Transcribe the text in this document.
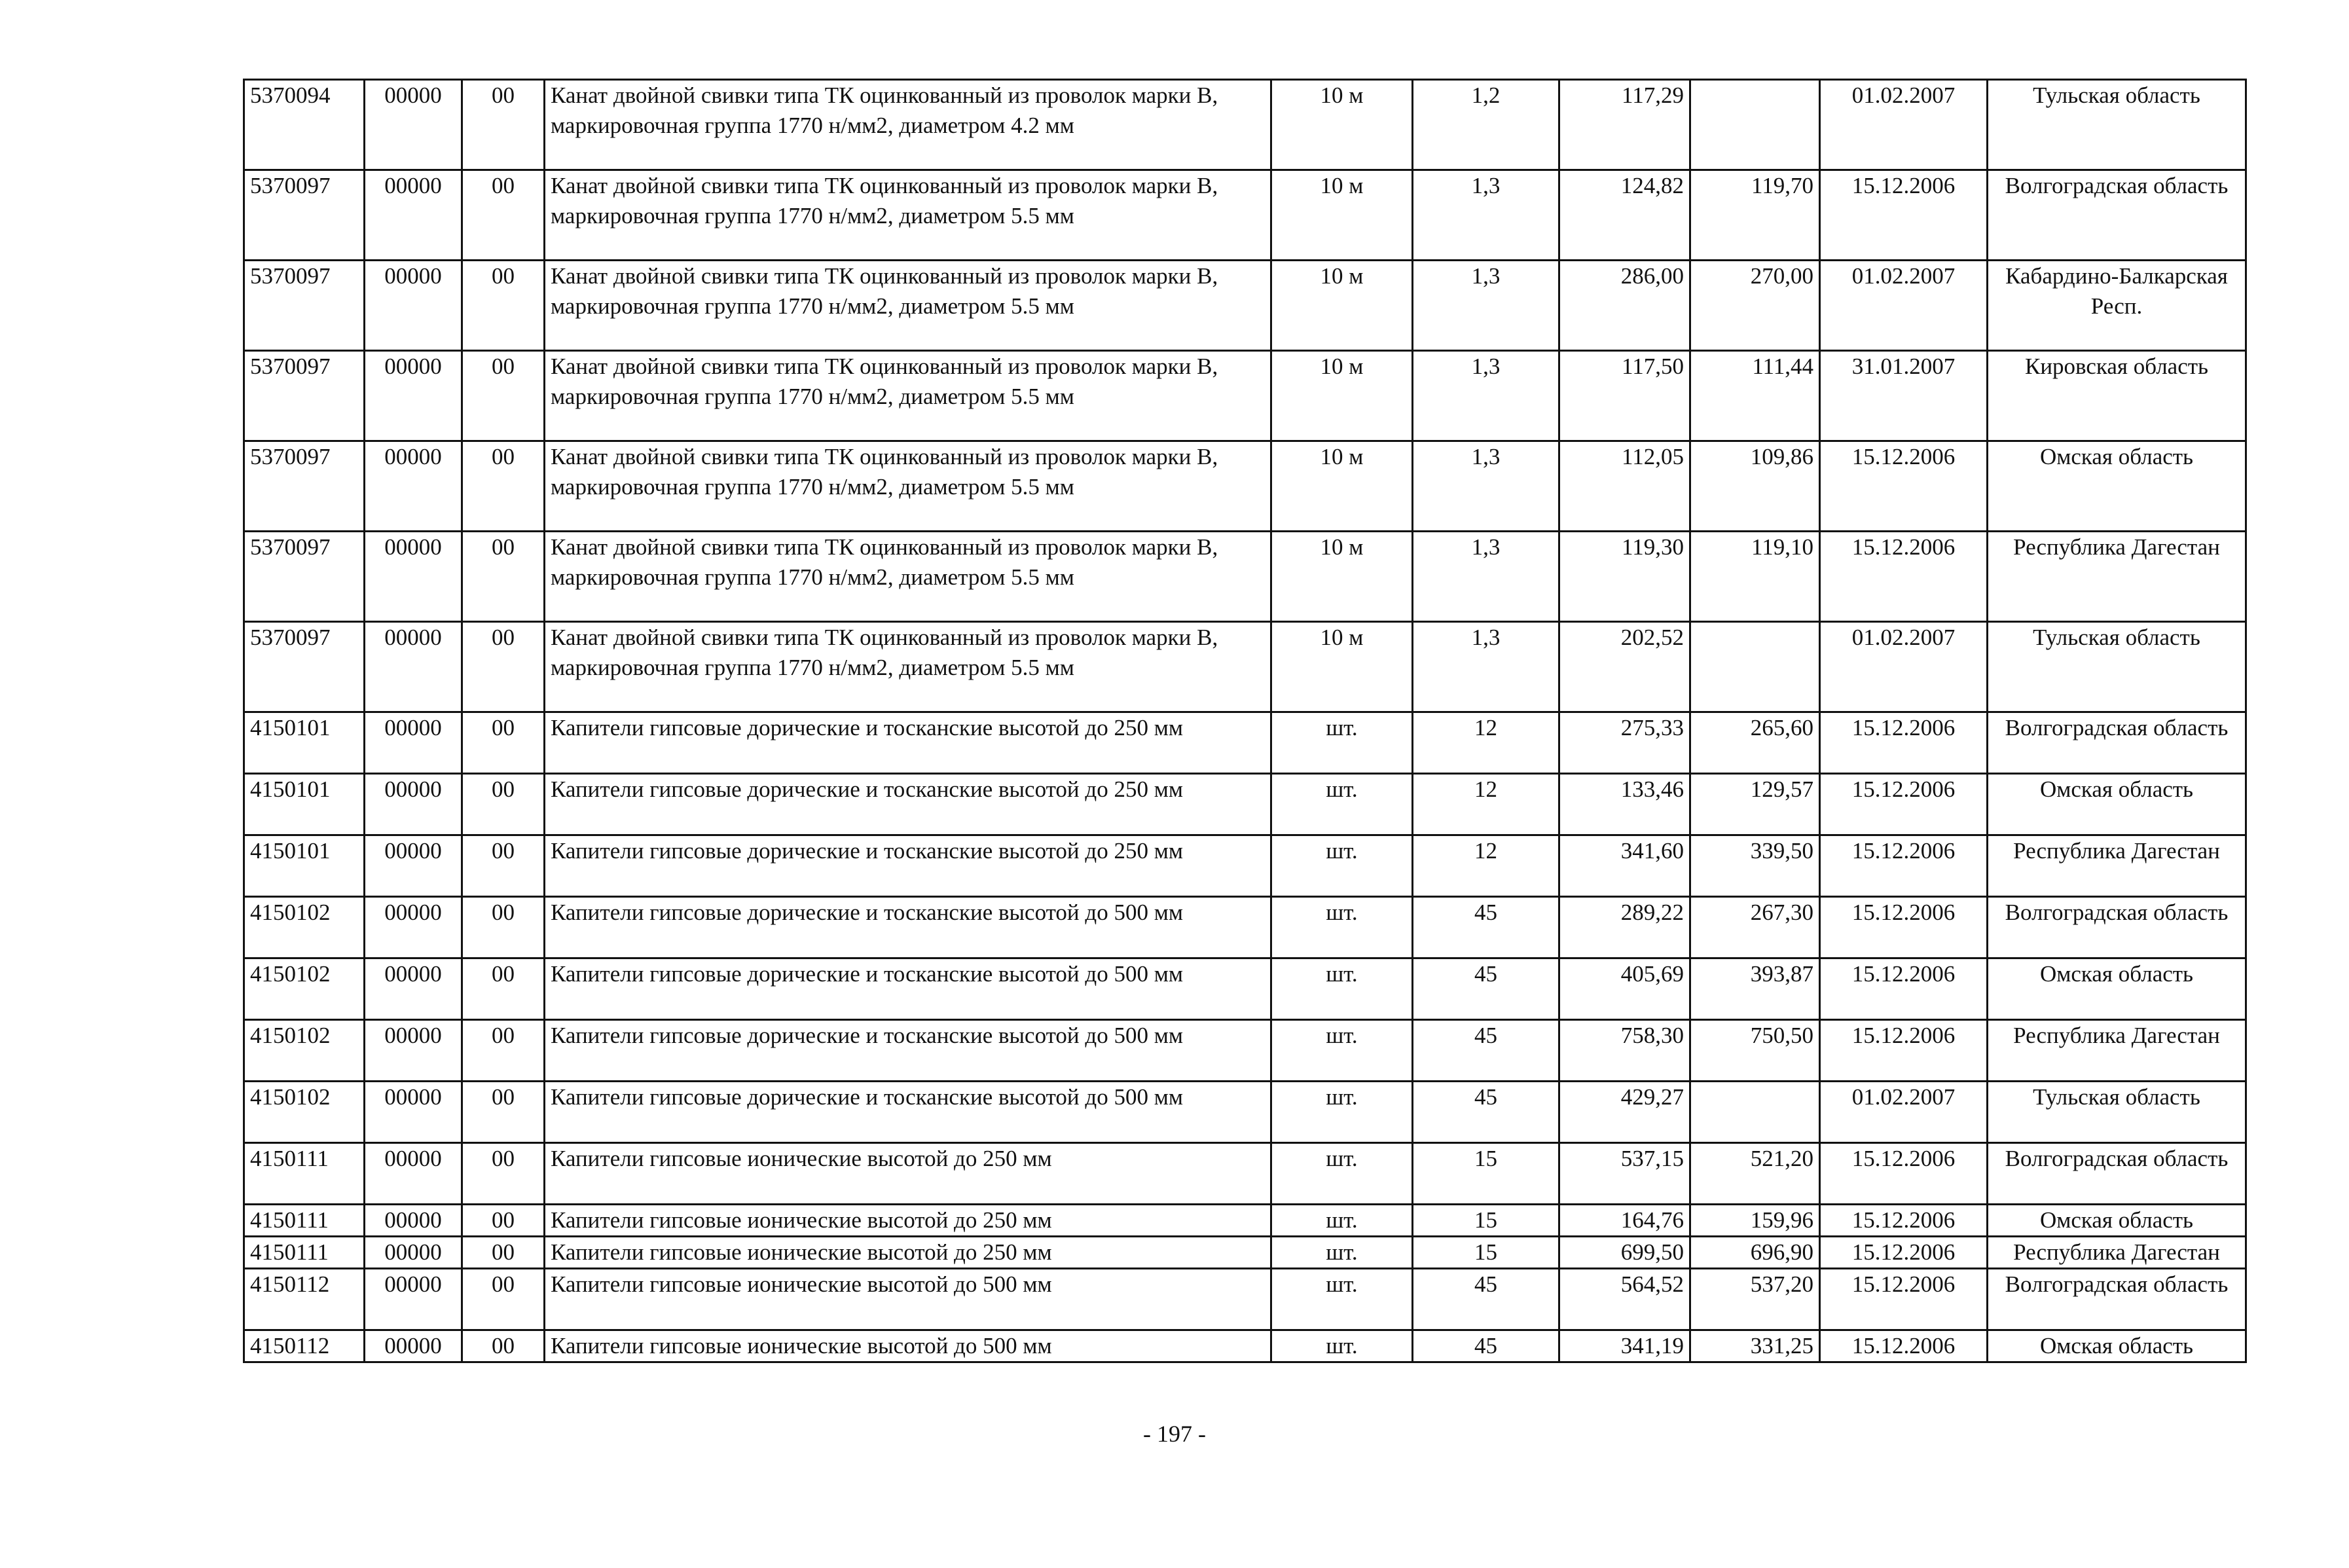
5370094	00000	00	Канат двойной свивки типа ТК оцинкованный из проволок марки В, маркировочная группа 1770 н/мм2, диаметром 4.2 мм	10 м	1,2	117,29		01.02.2007	Тульская область
5370097	00000	00	Канат двойной свивки типа ТК оцинкованный из проволок марки В, маркировочная группа 1770 н/мм2, диаметром 5.5 мм	10 м	1,3	124,82	119,70	15.12.2006	Волгоградская область
5370097	00000	00	Канат двойной свивки типа ТК оцинкованный из проволок марки В, маркировочная группа 1770 н/мм2, диаметром 5.5 мм	10 м	1,3	286,00	270,00	01.02.2007	Кабардино-Балкарская Респ.
5370097	00000	00	Канат двойной свивки типа ТК оцинкованный из проволок марки В, маркировочная группа 1770 н/мм2, диаметром 5.5 мм	10 м	1,3	117,50	111,44	31.01.2007	Кировская область
5370097	00000	00	Канат двойной свивки типа ТК оцинкованный из проволок марки В, маркировочная группа 1770 н/мм2, диаметром 5.5 мм	10 м	1,3	112,05	109,86	15.12.2006	Омская область
5370097	00000	00	Канат двойной свивки типа ТК оцинкованный из проволок марки В, маркировочная группа 1770 н/мм2, диаметром 5.5 мм	10 м	1,3	119,30	119,10	15.12.2006	Республика Дагестан
5370097	00000	00	Канат двойной свивки типа ТК оцинкованный из проволок марки В, маркировочная группа 1770 н/мм2, диаметром 5.5 мм	10 м	1,3	202,52		01.02.2007	Тульская область
4150101	00000	00	Капители гипсовые дорические и тосканские высотой до 250 мм	шт.	12	275,33	265,60	15.12.2006	Волгоградская область
4150101	00000	00	Капители гипсовые дорические и тосканские высотой до 250 мм	шт.	12	133,46	129,57	15.12.2006	Омская область
4150101	00000	00	Капители гипсовые дорические и тосканские высотой до 250 мм	шт.	12	341,60	339,50	15.12.2006	Республика Дагестан
4150102	00000	00	Капители гипсовые дорические и тосканские высотой до 500 мм	шт.	45	289,22	267,30	15.12.2006	Волгоградская область
4150102	00000	00	Капители гипсовые дорические и тосканские высотой до 500 мм	шт.	45	405,69	393,87	15.12.2006	Омская область
4150102	00000	00	Капители гипсовые дорические и тосканские высотой до 500 мм	шт.	45	758,30	750,50	15.12.2006	Республика Дагестан
4150102	00000	00	Капители гипсовые дорические и тосканские высотой до 500 мм	шт.	45	429,27		01.02.2007	Тульская область
4150111	00000	00	Капители гипсовые ионические высотой до 250 мм	шт.	15	537,15	521,20	15.12.2006	Волгоградская область
4150111	00000	00	Капители гипсовые ионические высотой до 250 мм	шт.	15	164,76	159,96	15.12.2006	Омская область
4150111	00000	00	Капители гипсовые ионические высотой до 250 мм	шт.	15	699,50	696,90	15.12.2006	Республика Дагестан
4150112	00000	00	Капители гипсовые ионические высотой до 500 мм	шт.	45	564,52	537,20	15.12.2006	Волгоградская область
4150112	00000	00	Капители гипсовые ионические высотой до 500 мм	шт.	45	341,19	331,25	15.12.2006	Омская область
- 197 -
